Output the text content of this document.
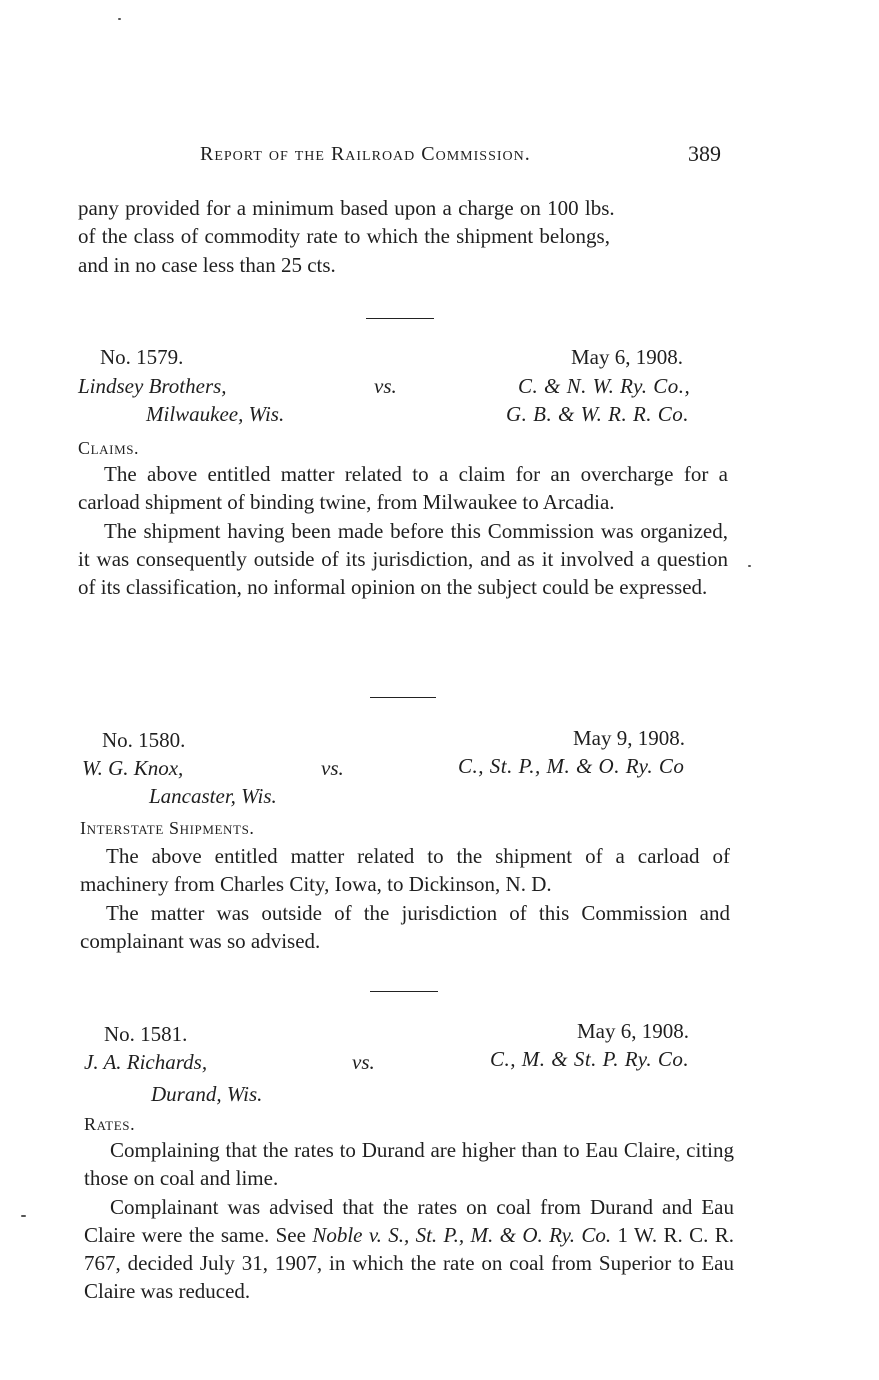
Report of the Railroad Commission.	389
pany provided for a minimum based upon a charge on 100 lbs.
of the class of commodity rate to which the shipment belongs,
and in no case less than 25 cts.
No. 1579.	May 6, 1908.
Lindsey Brothers,	vs.	C. & N. W. Ry. Co.,
Milwaukee, Wis.	G. B. & W. R. R. Co.
Claims.

The above entitled matter related to a claim for an overcharge for a carload shipment of binding twine, from Milwaukee to Arcadia.

The shipment having been made before this Commission was organized, it was consequently outside of its jurisdiction, and as it involved a question of its classification, no informal opinion on the subject could be expressed.

No. 1580.	May 9, 1908.
W. G. Knox,	vs.	C., St. P., M. & O. Ry. Co
Lancaster, Wis.
Interstate Shipments.

The above entitled matter related to the shipment of a carload of machinery from Charles City, Iowa, to Dickinson, N. D.

The matter was outside of the jurisdiction of this Commission and complainant was so advised.

No. 1581.	May 6, 1908.
J. A. Richards,	vs.	C., M. & St. P. Ry. Co.
Durand, Wis.
Rates.

Complaining that the rates to Durand are higher than to Eau Claire, citing those on coal and lime.

Complainant was advised that the rates on coal from Durand and Eau Claire were the same. See Noble v. S., St. P., M. & O. Ry. Co. 1 W. R. C. R. 767, decided July 31, 1907, in which the rate on coal from Superior to Eau Claire was reduced.
